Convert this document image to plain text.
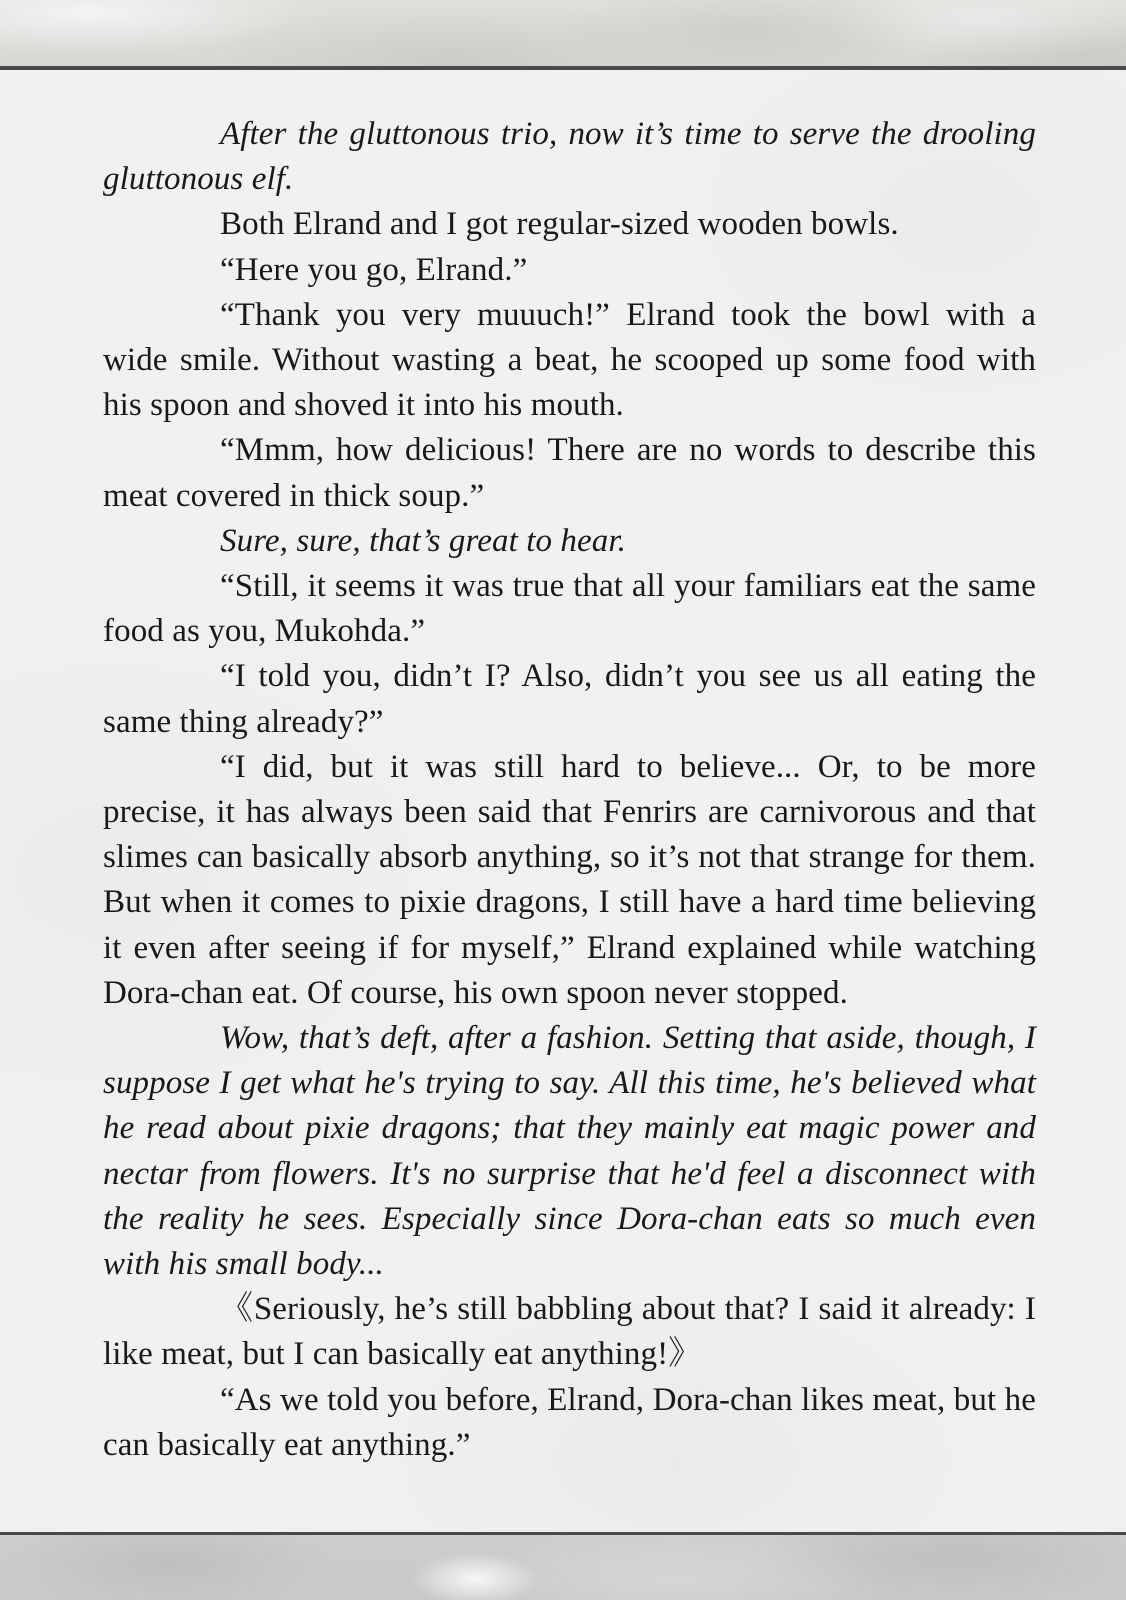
After the gluttonous trio, now it’s time to serve the drooling gluttonous elf.

Both Elrand and I got regular-sized wooden bowls.

“Here you go, Elrand.”

“Thank you very muuuch!” Elrand took the bowl with a wide smile. Without wasting a beat, he scooped up some food with his spoon and shoved it into his mouth.

“Mmm, how delicious! There are no words to describe this meat covered in thick soup.”

Sure, sure, that’s great to hear.

“Still, it seems it was true that all your familiars eat the same food as you, Mukohda.”

“I told you, didn’t I? Also, didn’t you see us all eating the same thing already?”

“I did, but it was still hard to believe... Or, to be more precise, it has always been said that Fenrirs are carnivorous and that slimes can basically absorb anything, so it’s not that strange for them. But when it comes to pixie dragons, I still have a hard time believing it even after seeing if for myself,” Elrand explained while watching Dora-chan eat. Of course, his own spoon never stopped.

Wow, that’s deft, after a fashion. Setting that aside, though, I suppose I get what he's trying to say. All this time, he's believed what he read about pixie dragons; that they mainly eat magic power and nectar from flowers. It's no surprise that he'd feel a disconnect with the reality he sees. Especially since Dora-chan eats so much even with his small body...

《Seriously, he’s still babbling about that? I said it already: I like meat, but I can basically eat anything!》

“As we told you before, Elrand, Dora-chan likes meat, but he can basically eat anything.”
